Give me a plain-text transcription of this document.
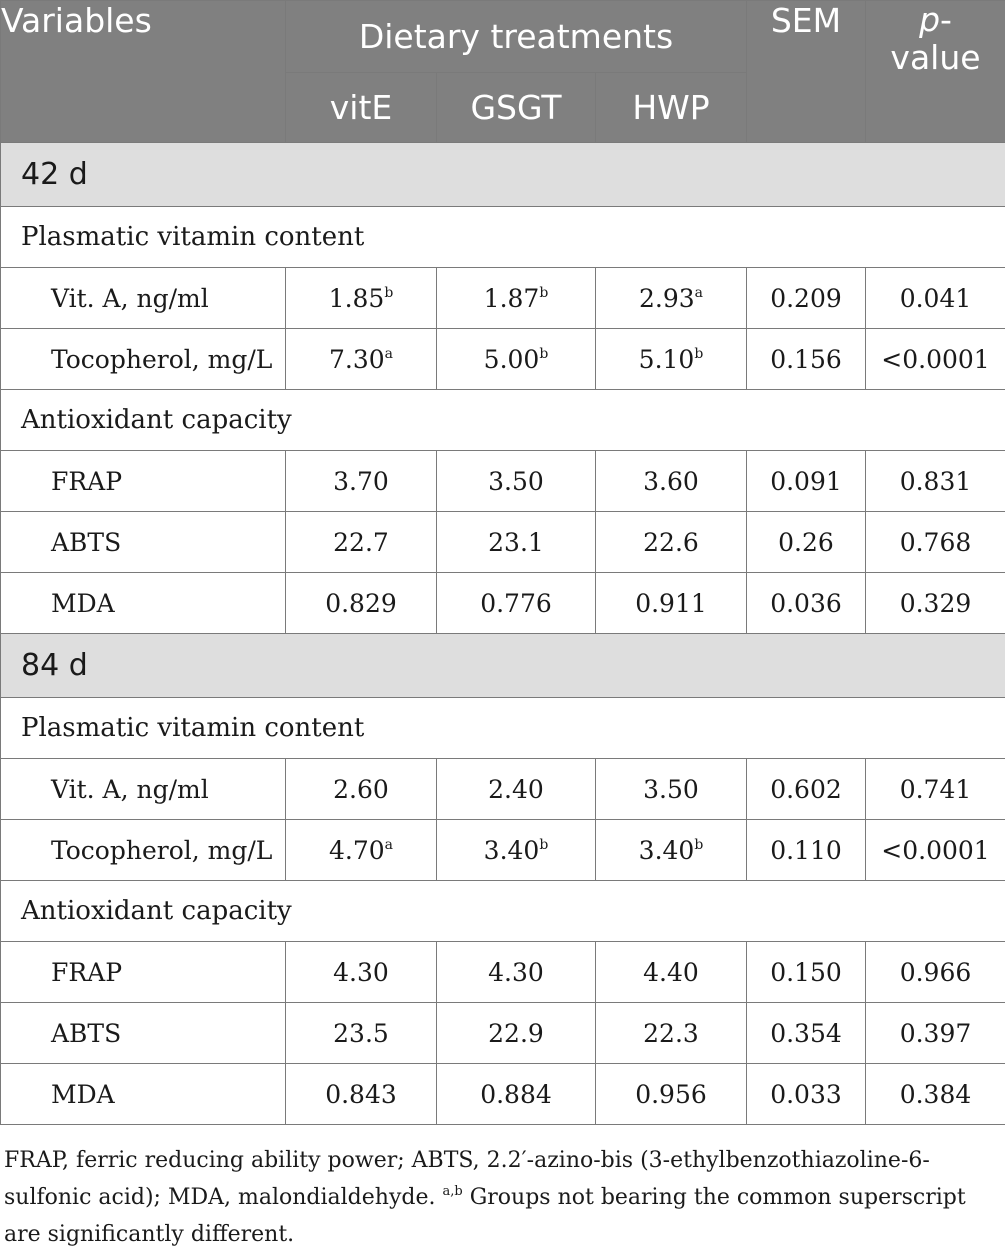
Variables	Dietary treatments			SEM	p-
value
	vitE	GSGT	HWP		
42 d					
Plasmatic vitamin content					
Vit. A, ng/ml	1.85$^b$	1.87$^b$	2.93$^a$	0.209	0.041
Tocopherol, mg/L	7.30$^a$	5.00$^b$	5.10$^b$	0.156	<0.0001
Antioxidant capacity					
FRAP	3.70	3.50	3.60	0.091	0.831
ABTS	22.7	23.1	22.6	0.26	0.768
MDA	0.829	0.776	0.911	0.036	0.329
84 d					
Plasmatic vitamin content					
Vit. A, ng/ml	2.60	2.40	3.50	0.602	0.741
Tocopherol, mg/L	4.70$^a$	3.40$^b$	3.40$^b$	0.110	<0.0001
Antioxidant capacity					
FRAP	4.30	4.30	4.40	0.150	0.966
ABTS	23.5	22.9	22.3	0.354	0.397
MDA	0.843	0.884	0.956	0.033	0.384
FRAP, ferric reducing ability power; ABTS, 2.2′-azino-bis (3-ethylbenzothiazoline-6-sulfonic acid); MDA, malondialdehyde. $^{a,b}$ Groups not bearing the common superscript are significantly different.
